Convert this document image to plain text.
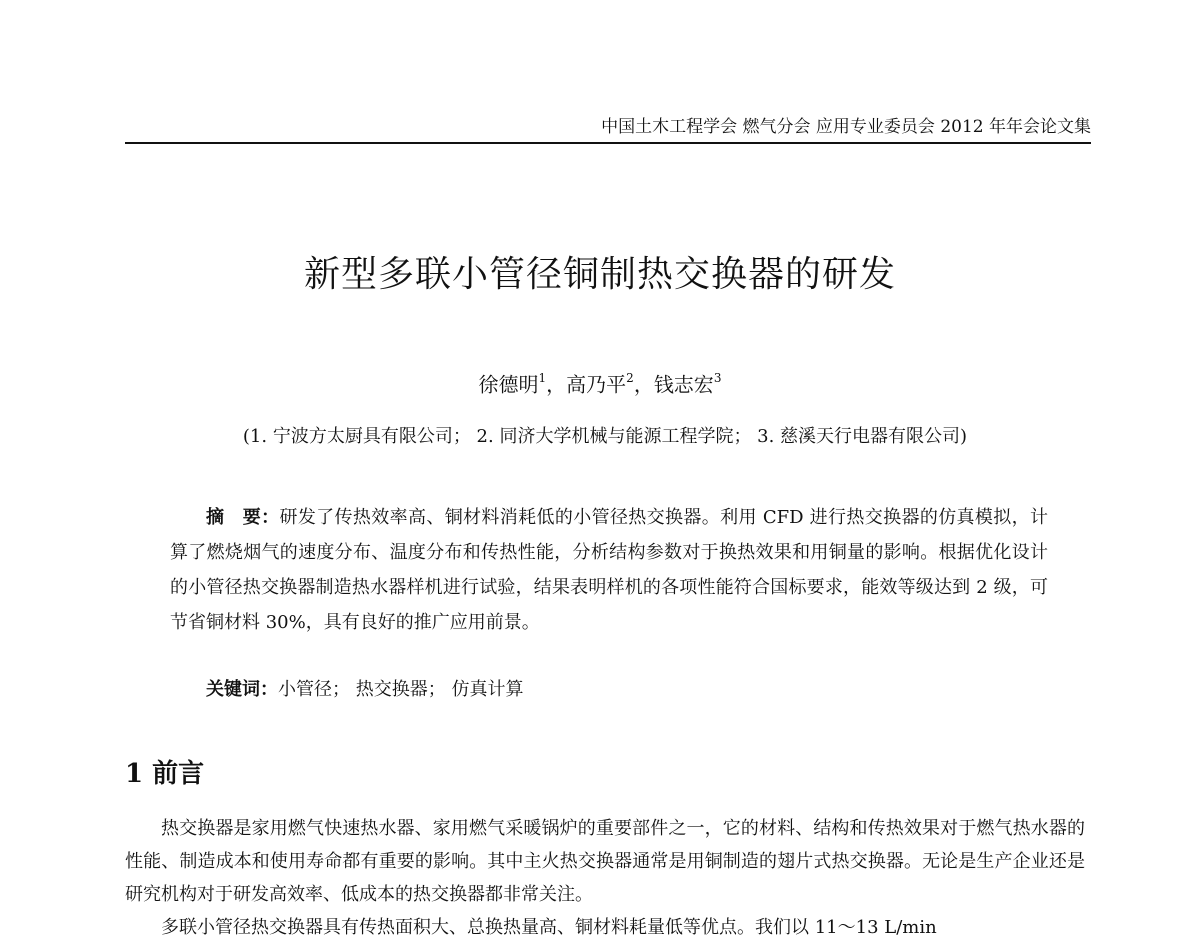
中国土木工程学会 燃气分会 应用专业委员会 2012 年年会论文集
新型多联小管径铜制热交换器的研发
徐德明$^1$，高乃平$^2$，钱志宏$^3$
(1. 宁波方太厨具有限公司； 2. 同济大学机械与能源工程学院； 3. 慈溪天行电器有限公司)

摘　要：研发了传热效率高、铜材料消耗低的小管径热交换器。利用 CFD 进行热交换器的仿真模拟，计算了燃烧烟气的速度分布、温度分布和传热性能，分析结构参数对于换热效果和用铜量的影响。根据优化设计的小管径热交换器制造热水器样机进行试验，结果表明样机的各项性能符合国标要求，能效等级达到 2 级，可节省铜材料 30%，具有良好的推广应用前景。

关键词：小管径； 热交换器； 仿真计算
1 前言

热交换器是家用燃气快速热水器、家用燃气采暖锅炉的重要部件之一，它的材料、结构和传热效果对于燃气热水器的性能、制造成本和使用寿命都有重要的影响。其中主火热交换器通常是用铜制造的翅片式热交换器。无论是生产企业还是研究机构对于研发高效率、低成本的热交换器都非常关注。

多联小管径热交换器具有传热面积大、总换热量高、铜材料耗量低等优点。我们以 11～13 L/min
